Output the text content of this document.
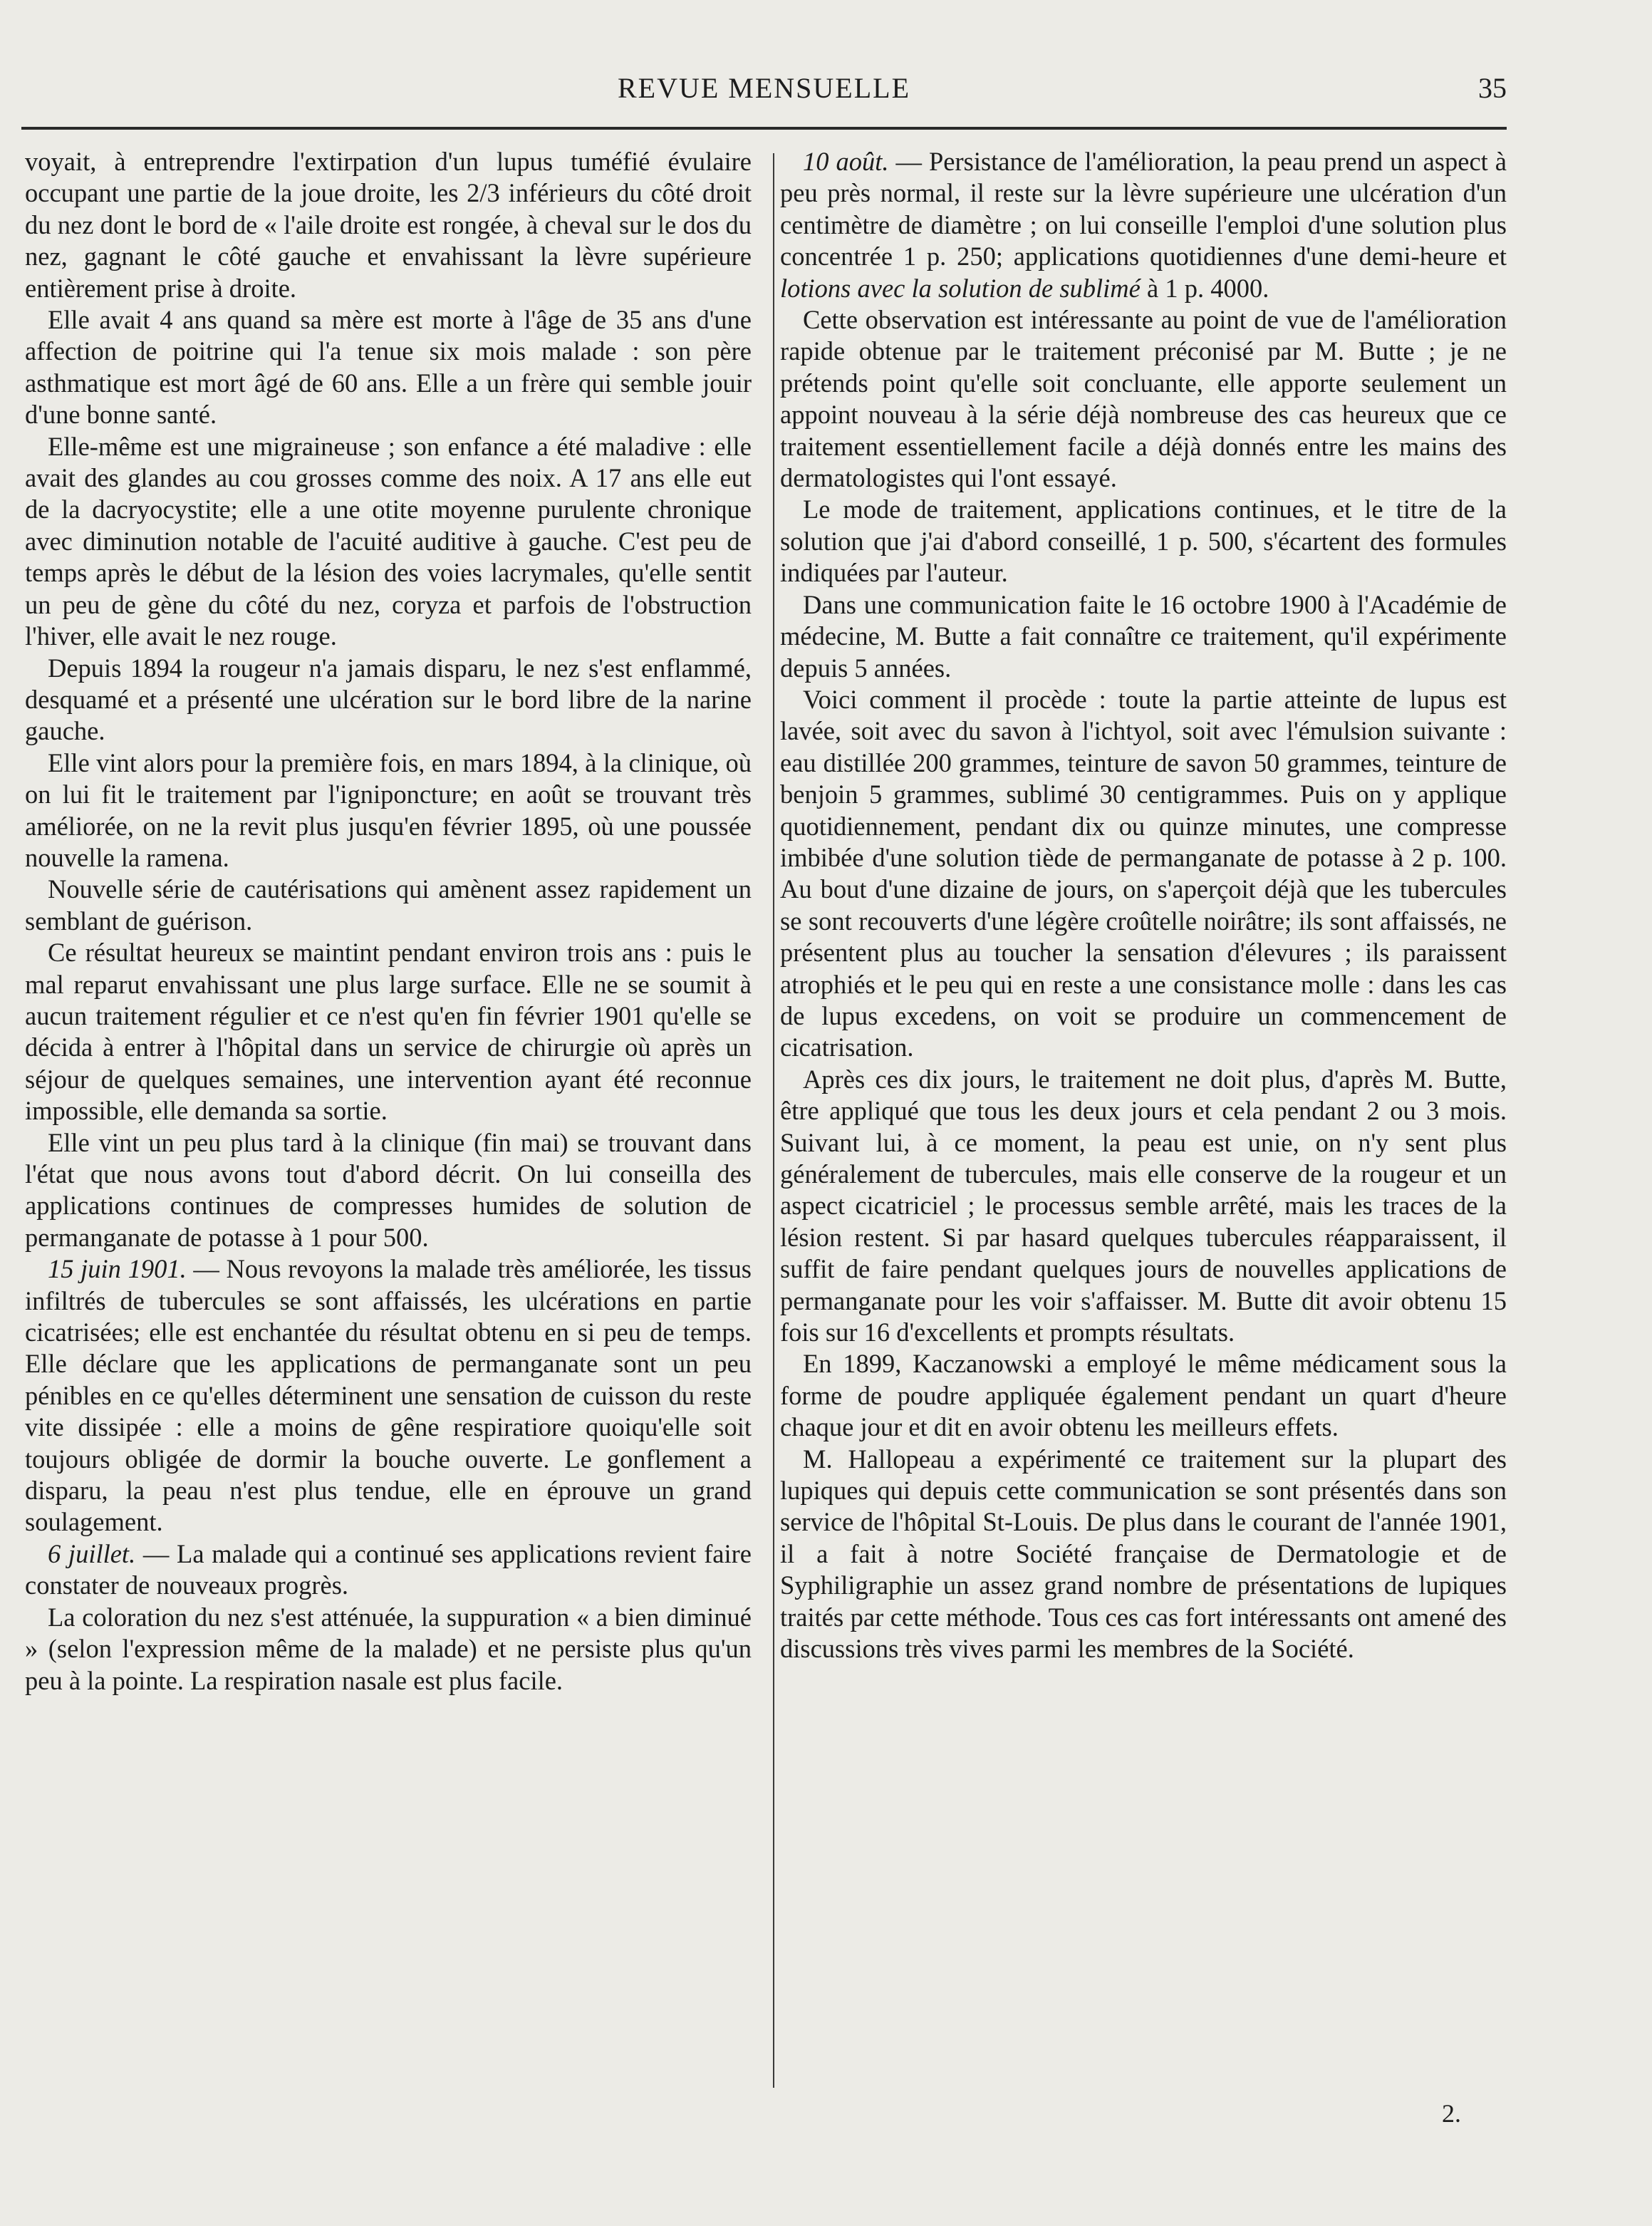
REVUE MENSUELLE	35

voyait, à entreprendre l'extirpation d'un lupus tuméfié évulaire occupant une partie de la joue droite, les 2/3 inférieurs du côté droit du nez dont le bord de « l'aile droite est rongée, à cheval sur le dos du nez, gagnant le côté gauche et envahissant la lèvre supérieure entièrement prise à droite.

Elle avait 4 ans quand sa mère est morte à l'âge de 35 ans d'une affection de poitrine qui l'a tenue six mois malade : son père asthmatique est mort âgé de 60 ans. Elle a un frère qui semble jouir d'une bonne santé.

Elle-même est une migraineuse ; son enfance a été maladive : elle avait des glandes au cou grosses comme des noix. A 17 ans elle eut de la dacryocystite; elle a une otite moyenne purulente chronique avec diminution notable de l'acuité auditive à gauche. C'est peu de temps après le début de la lésion des voies lacrymales, qu'elle sentit un peu de gène du côté du nez, coryza et parfois de l'obstruction l'hiver, elle avait le nez rouge.

Depuis 1894 la rougeur n'a jamais disparu, le nez s'est enflammé, desquamé et a présenté une ulcération sur le bord libre de la narine gauche.

Elle vint alors pour la première fois, en mars 1894, à la clinique, où on lui fit le traitement par l'igniponcture; en août se trouvant très améliorée, on ne la revit plus jusqu'en février 1895, où une poussée nouvelle la ramena.

Nouvelle série de cautérisations qui amènent assez rapidement un semblant de guérison.

Ce résultat heureux se maintint pendant environ trois ans : puis le mal reparut envahissant une plus large surface. Elle ne se soumit à aucun traitement régulier et ce n'est qu'en fin février 1901 qu'elle se décida à entrer à l'hôpital dans un service de chirurgie où après un séjour de quelques semaines, une intervention ayant été reconnue impossible, elle demanda sa sortie.

Elle vint un peu plus tard à la clinique (fin mai) se trouvant dans l'état que nous avons tout d'abord décrit. On lui conseilla des applications continues de compresses humides de solution de permanganate de potasse à 1 pour 500.

15 juin 1901. — Nous revoyons la malade très améliorée, les tissus infiltrés de tubercules se sont affaissés, les ulcérations en partie cicatrisées; elle est enchantée du résultat obtenu en si peu de temps. Elle déclare que les applications de permanganate sont un peu pénibles en ce qu'elles déterminent une sensation de cuisson du reste vite dissipée : elle a moins de gêne respiratiore quoiqu'elle soit toujours obligée de dormir la bouche ouverte. Le gonflement a disparu, la peau n'est plus tendue, elle en éprouve un grand soulagement.

6 juillet. — La malade qui a continué ses applications revient faire constater de nouveaux progrès.

La coloration du nez s'est atténuée, la suppuration « a bien diminué » (selon l'expression même de la malade) et ne persiste plus qu'un peu à la pointe. La respiration nasale est plus facile.

10 août. — Persistance de l'amélioration, la peau prend un aspect à peu près normal, il reste sur la lèvre supérieure une ulcération d'un centimètre de diamètre ; on lui conseille l'emploi d'une solution plus concentrée 1 p. 250; applications quotidiennes d'une demi-heure et lotions avec la solution de sublimé à 1 p. 4000.

Cette observation est intéressante au point de vue de l'amélioration rapide obtenue par le traitement préconisé par M. Butte ; je ne prétends point qu'elle soit concluante, elle apporte seulement un appoint nouveau à la série déjà nombreuse des cas heureux que ce traitement essentiellement facile a déjà donnés entre les mains des dermatologistes qui l'ont essayé.

Le mode de traitement, applications continues, et le titre de la solution que j'ai d'abord conseillé, 1 p. 500, s'écartent des formules indiquées par l'auteur.

Dans une communication faite le 16 octobre 1900 à l'Académie de médecine, M. Butte a fait connaître ce traitement, qu'il expérimente depuis 5 années.

Voici comment il procède : toute la partie atteinte de lupus est lavée, soit avec du savon à l'ichtyol, soit avec l'émulsion suivante : eau distillée 200 grammes, teinture de savon 50 grammes, teinture de benjoin 5 grammes, sublimé 30 centigrammes. Puis on y applique quotidiennement, pendant dix ou quinze minutes, une compresse imbibée d'une solution tiède de permanganate de potasse à 2 p. 100. Au bout d'une dizaine de jours, on s'aperçoit déjà que les tubercules se sont recouverts d'une légère croûtelle noirâtre; ils sont affaissés, ne présentent plus au toucher la sensation d'élevures ; ils paraissent atrophiés et le peu qui en reste a une consistance molle : dans les cas de lupus excedens, on voit se produire un commencement de cicatrisation.

Après ces dix jours, le traitement ne doit plus, d'après M. Butte, être appliqué que tous les deux jours et cela pendant 2 ou 3 mois. Suivant lui, à ce moment, la peau est unie, on n'y sent plus généralement de tubercules, mais elle conserve de la rougeur et un aspect cicatriciel ; le processus semble arrêté, mais les traces de la lésion restent. Si par hasard quelques tubercules réapparaissent, il suffit de faire pendant quelques jours de nouvelles applications de permanganate pour les voir s'affaisser. M. Butte dit avoir obtenu 15 fois sur 16 d'excellents et prompts résultats.

En 1899, Kaczanowski a employé le même médicament sous la forme de poudre appliquée également pendant un quart d'heure chaque jour et dit en avoir obtenu les meilleurs effets.

M. Hallopeau a expérimenté ce traitement sur la plupart des lupiques qui depuis cette communication se sont présentés dans son service de l'hôpital St-Louis. De plus dans le courant de l'année 1901, il a fait à notre Société française de Dermatologie et de Syphiligraphie un assez grand nombre de présentations de lupiques traités par cette méthode. Tous ces cas fort intéressants ont amené des discussions très vives parmi les membres de la Société.

2.
